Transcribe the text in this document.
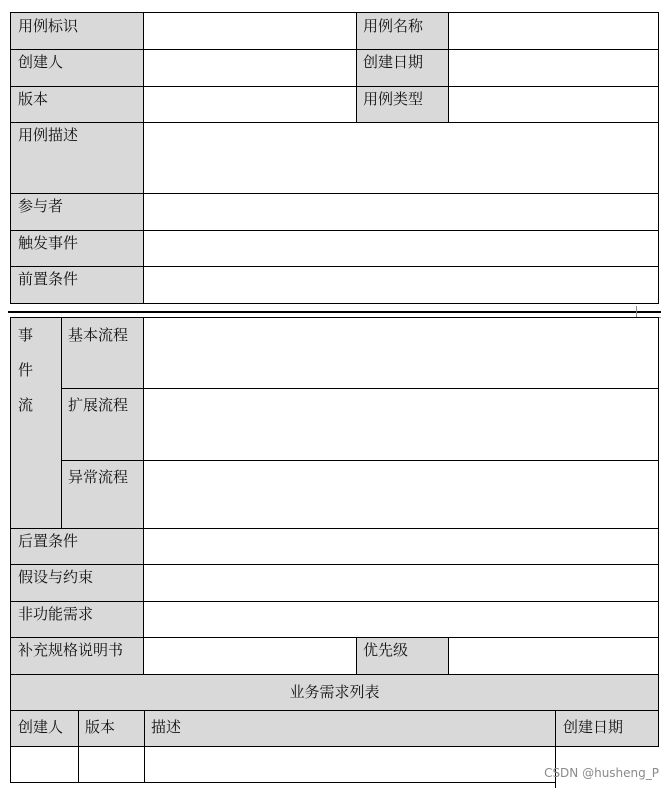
用例标识	用例名称
创建人	创建日期
版本	用例类型
用例描述
参与者
触发事件
前置条件
事
件
流
基本流程
扩展流程
异常流程
后置条件
假设与约束
非功能需求
补充规格说明书	优先级
业务需求列表
创建人	版本	描述	创建日期
CSDN @husheng_P
